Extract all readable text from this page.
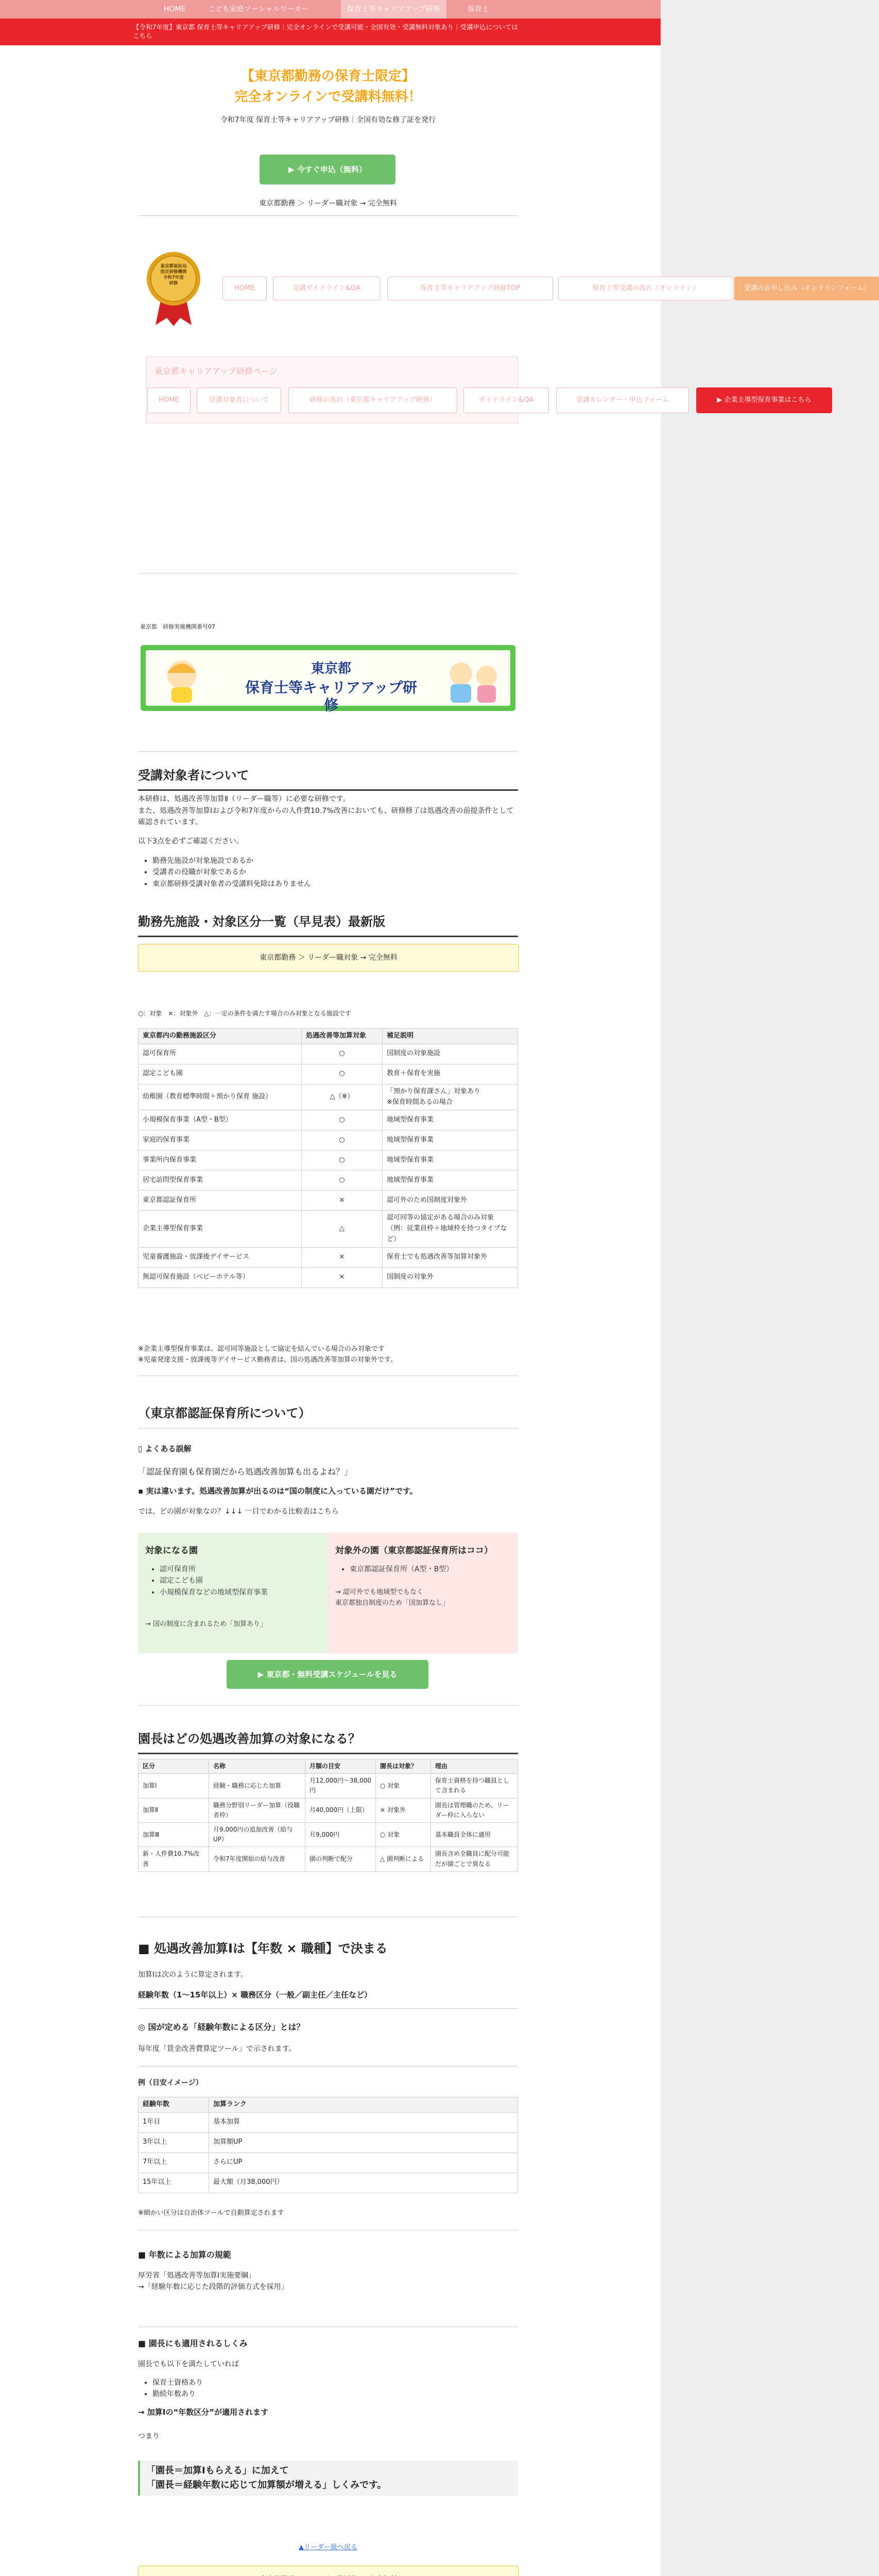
HOME	こども家庭ソーシャルワーカー	保育士等キャリアアップ研修	保育士
【令和7年度】東京都 保育士等キャリアアップ研修｜完全オンラインで受講可能・全国有効・受講無料対象あり｜受講申込についてはこちら
【東京都勤務の保育士限定】
完全オンラインで受講料無料！
令和7年度 保育士等キャリアアップ研修｜全国有効な修了証を発行
▶ 今すぐ申込（無料）
東京都勤務 ＞ リーダー職対象 → 完全無料
東京都福祉局
指定研修機関
令和7年度
研修
HOME	受講ガイドライン&QA	保育士等キャリアアップ研修TOP	保育士等受講の流れ（オンライン）	受講のお申し込み（オンラインフォーム）
東京都キャリアアップ研修ページ
HOME	受講対象者について	研修の流れ（東京都キャリアアップ研修）	ガイドライン&QA	受講カレンダー・申込フォーム	▶ 企業主導型保育事業はこちら
東京都　研修実施機関番号07
東京都
保育士等キャリアアップ研修
受講対象者について

本研修は、処遇改善等加算Ⅱ（リーダー職等）に必要な研修です。

また、処遇改善等加算Ⅰおよび令和7年度からの人件費10.7%改善においても、研修修了は処遇改善の前提条件として確認されています。

以下3点を必ずご確認ください。

• 勤務先施設が対象施設であるか
• 受講者の役職が対象であるか
• 東京都研修受講対象者の受講料免除はありません
勤務先施設・対象区分一覧（早見表）最新版
東京都勤務 ＞ リーダー職対象 → 完全無料
○：対象　×：対象外　△：一定の条件を満たす場合のみ対象となる施設です
東京都内の勤務施設区分	処遇改善等加算対象	補足説明
認可保育所	○	国制度の対象施設
認定こども園	○	教育＋保育を実施
幼稚園（教育標準時間＋預かり保育 施設）	△（※）	「預かり保育課さん」対象あり
※保育時間あるの場合
小規模保育事業（A型・B型）	○	地域型保育事業
家庭的保育事業	○	地域型保育事業
事業所内保育事業	○	地域型保育事業
居宅訪問型保育事業	○	地域型保育事業
東京都認証保育所	×	認可外のため国制度対象外
企業主導型保育事業	△	認可同等の協定がある場合のみ対象
（例：従業員枠＋地域枠を持つタイプなど）
児童養護施設・放課後デイサービス	×	保育士でも処遇改善等加算対象外
無認可保育施設（ベビーホテル等）	×	国制度の対象外
※企業主導型保育事業は、認可同等施設として協定を結んでいる場合のみ対象です
※児童発達支援・放課後等デイサービス勤務者は、国の処遇改善等加算の対象外です。
（東京都認証保育所について）
▯ よくある誤解
「認証保育園も保育園だから処遇改善加算も出るよね？」
▪ 実は違います。処遇改善加算が出るのは“国の制度に入っている園だけ”です。
では、どの園が対象なの？↓↓↓ 一目でわかる比較表はこちら
対象になる園
• 認可保育所
• 認定こども園
• 小規模保育などの地域型保育事業
→ 国の制度に含まれるため「加算あり」
対象外の園（東京都認証保育所はココ）
• 東京都認証保育所（A型・B型）
→ 認可外でも地域型でもなく
東京都独自制度のため「国加算なし」
▶ 東京都・無料受講スケジュールを見る
園長はどの処遇改善加算の対象になる？
区分	名称	月額の目安	園長は対象？	理由
加算Ⅰ	経験・職務に応じた加算	月12,000円〜38,000円	○ 対象	保育士資格を持つ職員として含まれる
加算Ⅱ	職務分野別リーダー加算（役職者枠）	月40,000円（上限）	× 対象外	園長は管理職のため、リーダー枠に入らない
加算Ⅲ	月9,000円の追加改善（給与UP）	月9,000円	○ 対象	基本職員全体に適用
新・人件費10.7%改善	令和7年度開始の給与改善	園の判断で配分	△ 園判断による	園長含め全職員に配分可能だが園ごとで異なる
■ 処遇改善加算Ⅰは【年数 × 職種】で決まる

加算Ⅰは次のように算定されます。

経験年数（1〜15年以上）× 職務区分（一般／副主任／主任など）

◎ 国が定める「経験年数による区分」とは？

毎年度「賃金改善費算定ツール」で示されます。

例（目安イメージ）

経験年数	加算ランク
1年目	基本加算
3年以上	加算額UP
7年以上	さらにUP
15年以上	最大額（月38,000円）

※細かい区分は自治体ツールで自動算定されます

■ 年数による加算の規範

厚労省「処遇改善等加算Ⅰ実施要綱」
→「経験年数に応じた段階的評価方式を採用」

■ 園長にも適用されるしくみ

園長でも以下を満たしていれば

• 保育士資格あり
• 勤続年数あり

→ 加算Ⅰの“年数区分”が適用されます

つまり

「園長＝加算Ⅰもらえる」に加えて
「園長＝経験年数に応じて加算額が増える」しくみです。
▲リーダー級へ戻る
